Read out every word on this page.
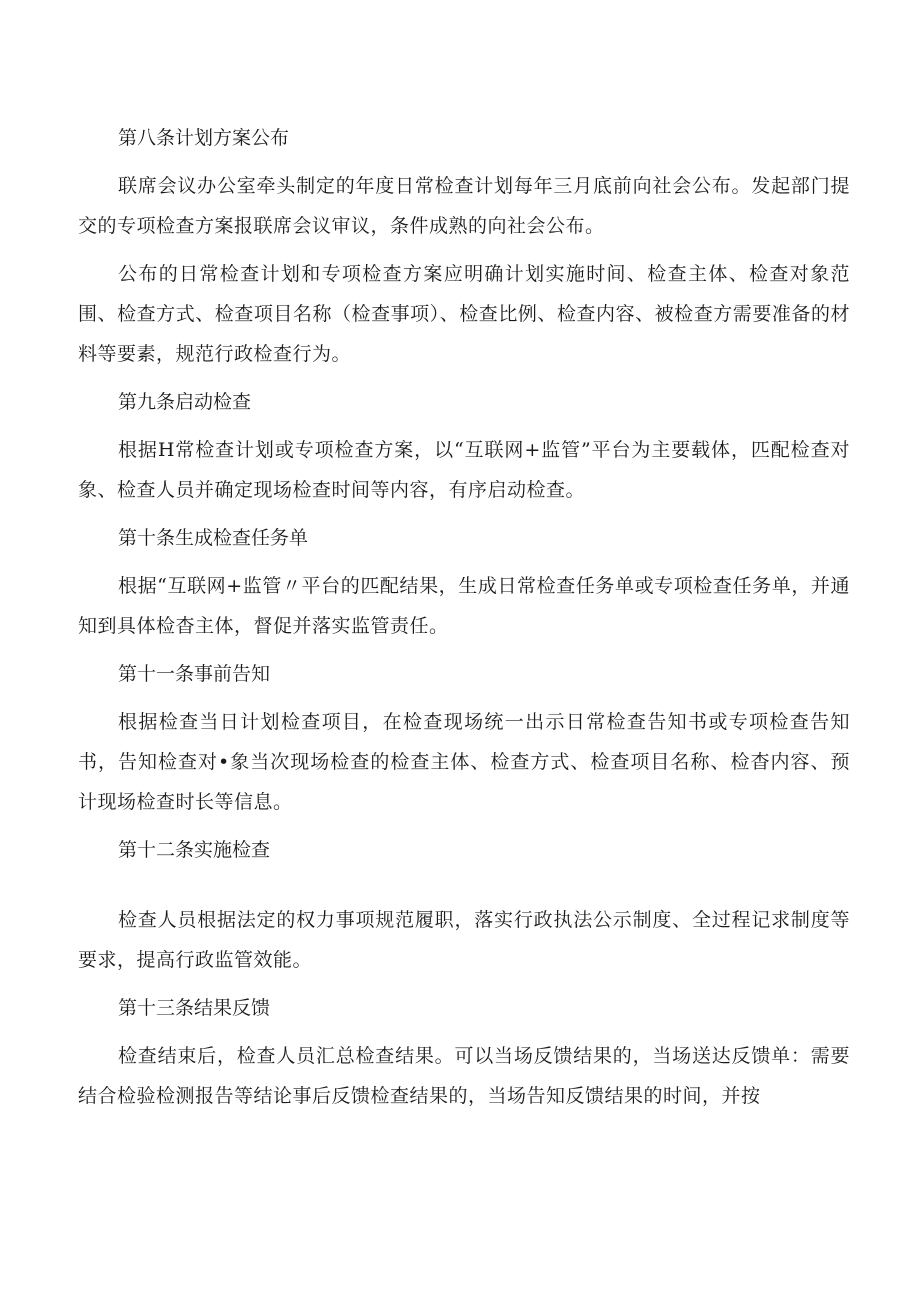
第八条计划方案公布

联席会议办公室牵头制定的年度日常检查计划每年三月底前向社会公布。发起部门提交的专项检查方案报联席会议审议，条件成熟的向社会公布。

公布的日常检查计划和专项检查方案应明确计划实施时间、检查主体、检查对象范围、检查方式、检查项目名称（检查事项）、检查比例、检查内容、被检查方需要准备的材料等要素，规范行政检查行为。

第九条启动检查

根据H常检查计划或专项检查方案，以“互联网+监管”平台为主要载体，匹配检查对象、检查人员并确定现场检查时间等内容，有序启动检查。

第十条生成检查任务单

根据“互联网+监管〃平台的匹配结果，生成日常检查任务单或专项检查任务单，并通知到具体检杳主体，督促并落实监管责任。

第十一条事前告知

根据检查当日计划检查项目，在检查现场统一出示日常检查告知书或专项检查告知书，告知检查对•象当次现场检查的检查主体、检查方式、检查项目名称、检杳内容、预计现场检查时长等信息。

第十二条实施检查

检查人员根据法定的权力事项规范履职，落实行政执法公示制度、全过程记求制度等要求，提高行政监管效能。

第十三条结果反馈

检查结束后，检查人员汇总检查结果。可以当场反馈结果的，当场送达反馈单：需要结合检验检测报告等结论事后反馈检查结果的，当场告知反馈结果的时间，并按
